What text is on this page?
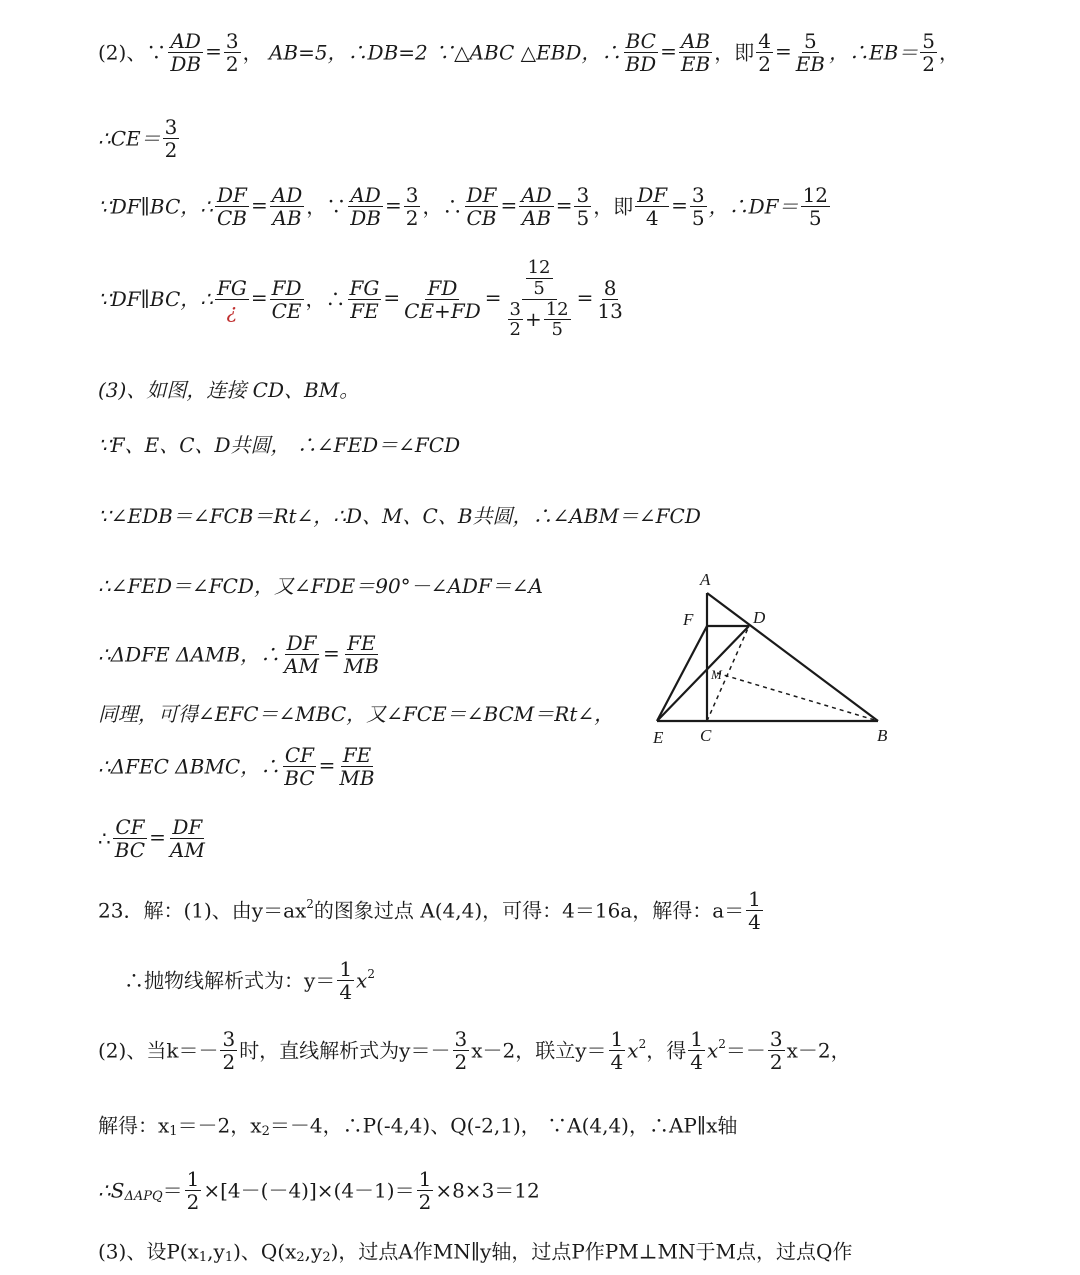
(2)、∵ $\frac{AD}{DB} = \frac{3}{2}$ ， AB=5，∴DB=2 ∵△ABC △EBD，∴ $\frac{BC}{BD} = \frac{AB}{EB}$ ，即 $\frac{4}{2} = \frac{5}{EB}$ ，∴EB＝ $\frac{5}{2}$ ，
∴CE＝ $\frac{3}{2}$
∵DF∥BC，∴ $\frac{DF}{CB} = \frac{AD}{AB}$ ，∵ $\frac{AD}{DB} = \frac{3}{2}$ ，∴ $\frac{DF}{CB} = \frac{AD}{AB} = \frac{3}{5}$ ，即 $\frac{DF}{4} = \frac{3}{5}$ ，∴DF＝ $\frac{12}{5}$
∵DF∥BC，∴ $\frac{FG}{¿} = \frac{FD}{CE}$ ，∴ $\frac{FG}{FE} = \frac{FD}{CE+FD} = \frac{\frac{12}{5}}{\frac{3}{2} + \frac{12}{5}} = \frac{8}{13}$
(3)、如图，连接 CD、BM。
∵F、E、C、D共圆， ∴∠FED＝∠FCD
∵∠EDB＝∠FCB＝Rt∠，∴D、M、C、B共圆，∴∠ABM＝∠FCD
∴∠FED＝∠FCD，又∠FDE＝90°－∠ADF＝∠A
∴ΔDFE ΔAMB，∴ $\frac{DF}{AM} = \frac{FE}{MB}$
同理，可得∠EFC＝∠MBC，又∠FCE＝∠BCM＝Rt∠，
∴ΔFEC ΔBMC，∴ $\frac{CF}{BC} = \frac{FE}{MB}$
∴ $\frac{CF}{BC} = \frac{DF}{AM}$
23．解：(1)、由$y=ax^2$的图象过点 A(4,4)，可得：4＝16a，解得：$a= \frac{1}{4}$
∴抛物线解析式为：$y= \frac{1}{4} x^2$
(2)、当$k=- \frac{3}{2}$ 时，直线解析式为$y=- \frac{3}{2} x-2$，联立$y= \frac{1}{4} x^2$，得 $\frac{1}{4} x^2=- \frac{3}{2} x-2$，
解得：$x_1=-2$，$x_2=-4$，∴P(-4,4)、Q(-2,1)， ∵A(4,4)，∴AP∥x轴
$\therefore S_{\Delta APQ}= \frac{1}{2} \times[4-(-4)]\times(4-1)= \frac{1}{2} \times 8\times 3=12$
(3)、设$P(x_1,y_1)$、$Q(x_2,y_2)$，过点A作MN∥y轴，过点P作PM⊥MN于M点，过点Q作
A
F	D
M
E C	B
